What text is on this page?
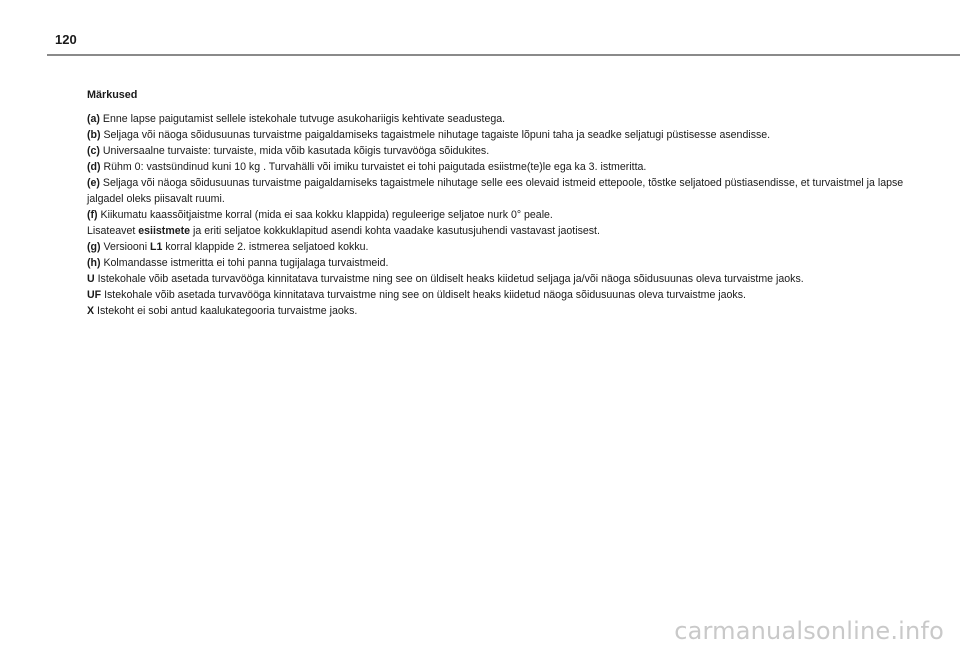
120
Märkused

(a) Enne lapse paigutamist sellele istekohale tutvuge asukohariigis kehtivate seadustega.

(b) Seljaga või näoga sõidusuunas turvaistme paigaldamiseks tagaistmele nihutage tagaiste lõpuni taha ja seadke seljatugi püstisesse asendisse.

(c) Universaalne turvaiste: turvaiste, mida võib kasutada kõigis turvavööga sõidukites.

(d) Rühm 0: vastsündinud kuni 10 kg . Turvahälli või imiku turvaistet ei tohi paigutada esiistme(te)le ega ka 3. istmeritta.

(e) Seljaga või näoga sõidusuunas turvaistme paigaldamiseks tagaistmele nihutage selle ees olevaid istmeid ettepoole, tõstke seljatoed püstiasendisse, et turvaistmel ja lapse jalgadel oleks piisavalt ruumi.

(f) Kiikumatu kaassõitjaistme korral (mida ei saa kokku klappida) reguleerige seljatoe nurk 0° peale.

Lisateavet esiistmete ja eriti seljatoe kokkuklapitud asendi kohta vaadake kasutusjuhendi vastavast jaotisest.

(g) Versiooni L1 korral klappide 2. istmerea seljatoed kokku.

(h) Kolmandasse istmeritta ei tohi panna tugijalaga turvaistmeid.

U Istekohale võib asetada turvavööga kinnitatava turvaistme ning see on üldiselt heaks kiidetud seljaga ja/või näoga sõidusuunas oleva turvaistme jaoks.

UF Istekohale võib asetada turvavööga kinnitatava turvaistme ning see on üldiselt heaks kiidetud näoga sõidusuunas oleva turvaistme jaoks.

X Istekoht ei sobi antud kaalukategooria turvaistme jaoks.

carmanualsonline.info
